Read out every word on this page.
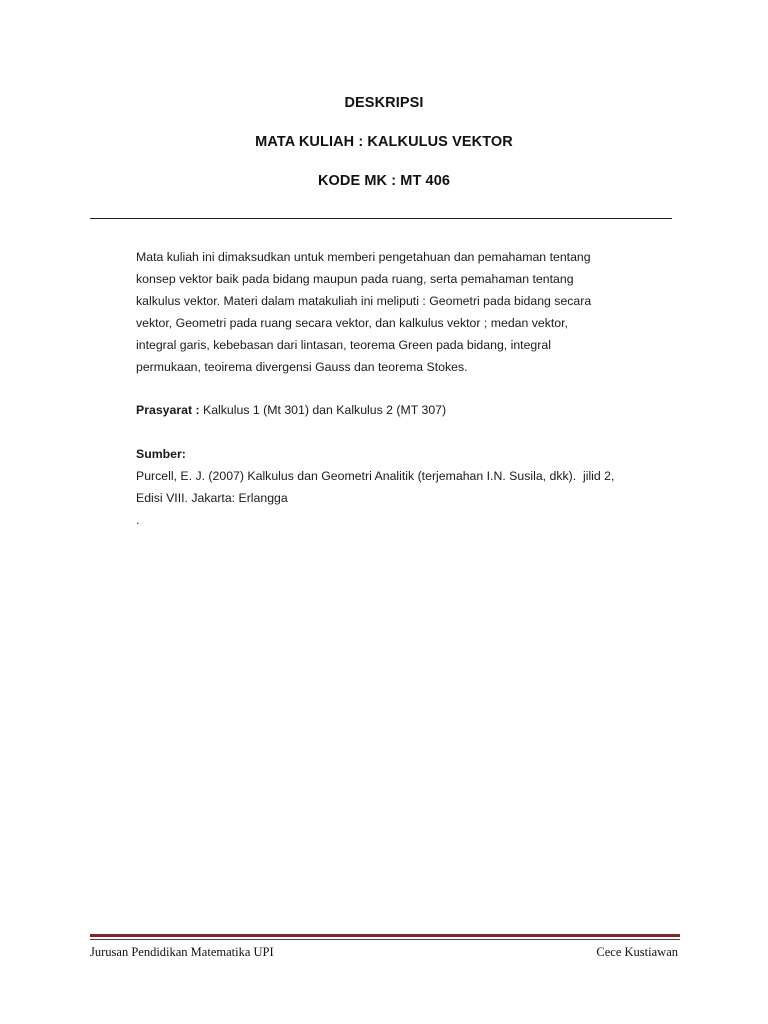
DESKRIPSI
MATA KULIAH : KALKULUS VEKTOR
KODE MK : MT 406
Mata kuliah ini dimaksudkan untuk memberi pengetahuan dan pemahaman tentang
konsep vektor baik pada bidang maupun pada ruang, serta pemahaman tentang
kalkulus vektor. Materi dalam matakuliah ini meliputi : Geometri pada bidang secara
vektor, Geometri pada ruang secara vektor, dan kalkulus vektor ; medan vektor,
integral garis, kebebasan dari lintasan, teorema Green pada bidang, integral
permukaan, teoirema divergensi Gauss dan teorema Stokes.
Prasyarat : Kalkulus 1 (Mt 301) dan Kalkulus 2 (MT 307)
Sumber:
Purcell, E. J. (2007) Kalkulus dan Geometri Analitik (terjemahan I.N. Susila, dkk).  jilid 2,
Edisi VIII. Jakarta: Erlangga
.
Jurusan Pendidikan Matematika UPI	Cece Kustiawan
